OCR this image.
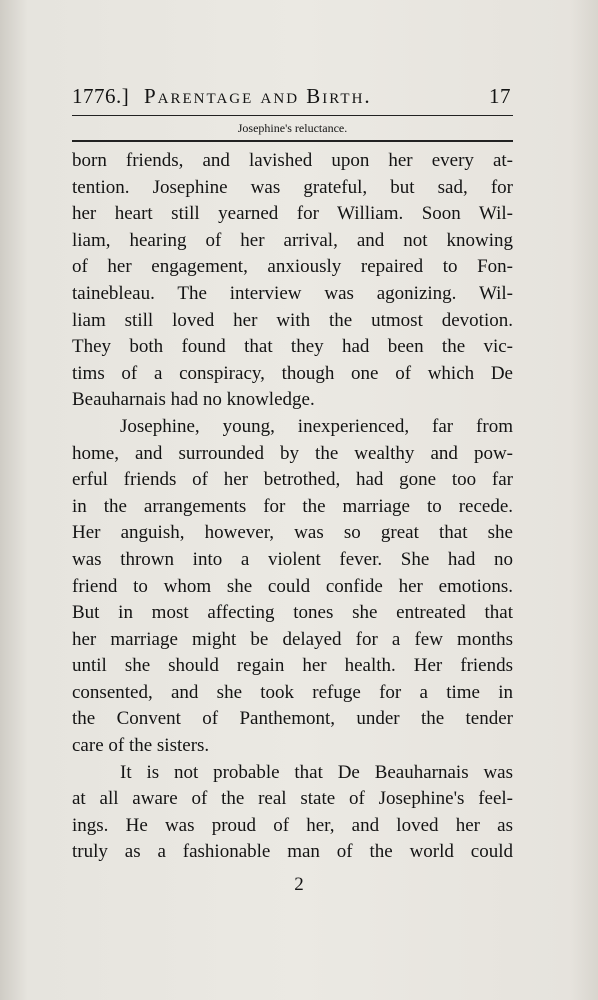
1776.] Parentage and Birth.	17
Josephine's reluctance.
born friends, and lavished upon her every at-
tention. Josephine was grateful, but sad, for
her heart still yearned for William. Soon Wil-
liam, hearing of her arrival, and not knowing
of her engagement, anxiously repaired to Fon-
tainebleau. The interview was agonizing. Wil-
liam still loved her with the utmost devotion.
They both found that they had been the vic-
tims of a conspiracy, though one of which De
Beauharnais had no knowledge.
Josephine, young, inexperienced, far from
home, and surrounded by the wealthy and pow-
erful friends of her betrothed, had gone too far
in the arrangements for the marriage to recede.
Her anguish, however, was so great that she
was thrown into a violent fever. She had no
friend to whom she could confide her emotions.
But in most affecting tones she entreated that
her marriage might be delayed for a few months
until she should regain her health. Her friends
consented, and she took refuge for a time in
the Convent of Panthemont, under the tender
care of the sisters.
It is not probable that De Beauharnais was
at all aware of the real state of Josephine's feel-
ings. He was proud of her, and loved her as
truly as a fashionable man of the world could
2
